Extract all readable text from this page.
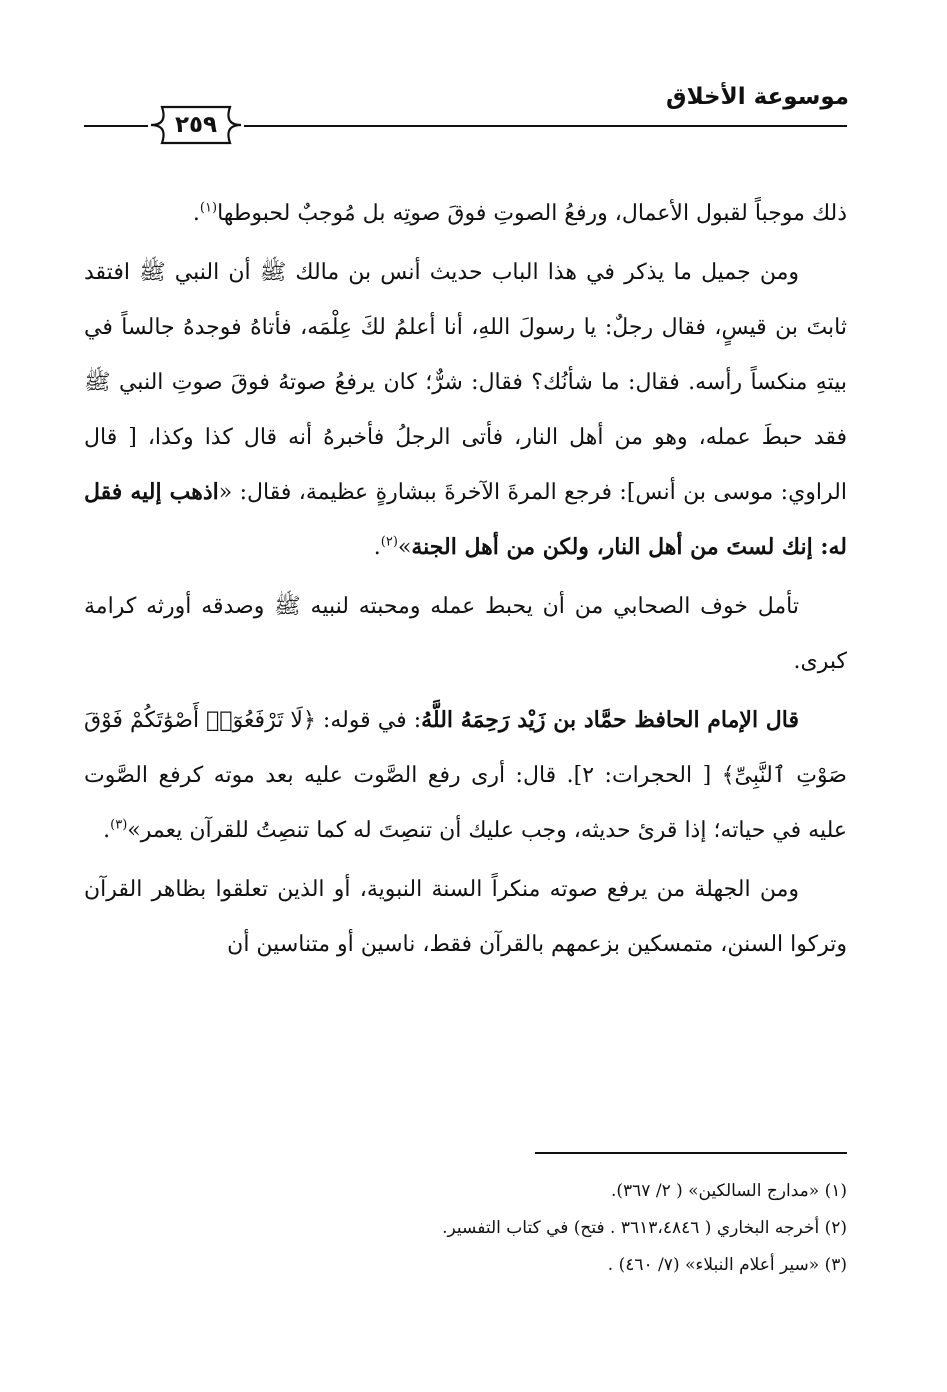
موسوعة الأخلاق
٢٥٩

ذلك موجباً لقبول الأعمال، ورفعُ الصوتِ فوقَ صوتِه بل مُوجبٌ لحبوطها$^{(١)}$.

ومن جميل ما يذكر في هذا الباب حديث أنس بن مالك ﷺ أن النبي ﷺ افتقد ثابتَ بن قيسٍ، فقال رجلٌ: يا رسولَ اللهِ، أنا أعلمُ لكَ عِلْمَه، فأتاهُ فوجدهُ جالساً في بيتهِ منكساً رأسه. فقال: ما شأنُك؟ فقال: شرٌّ؛ كان يرفعُ صوتهُ فوقَ صوتِ النبي ﷺ فقد حبطَ عمله، وهو من أهل النار، فأتى الرجلُ فأخبرهُ أنه قال كذا وكذا، [ قال الراوي: موسى بن أنس]: فرجع المرةَ الآخرةَ ببشارةٍ عظيمة، فقال: «اذهب إليه فقل له: إنك لستَ من أهل النار، ولكن من أهل الجنة»$^{(٢)}$.

تأمل خوف الصحابي من أن يحبط عمله ومحبته لنبيه ﷺ وصدقه أورثه كرامة كبرى.

قال الإمام الحافظ حمَّاد بن زَيْد رَحِمَهُ اللَّهُ: في قوله: ﴿لَا تَرْفَعُوٓا۟ أَصْوَٰتَكُمْ فَوْقَ صَوْتِ ٱلنَّبِىِّ﴾ [ الحجرات: ٢]. قال: أرى رفع الصَّوت عليه بعد موته كرفع الصَّوت عليه في حياته؛ إذا قرئ حديثه، وجب عليك أن تنصِتَ له كما تنصِتُ للقرآن يعمر»$^{(٣)}$.

ومن الجهلة من يرفع صوته منكراً السنة النبوية، أو الذين تعلقوا بظاهر القرآن وتركوا السنن، متمسكين بزعمهم بالقرآن فقط، ناسين أو متناسين أن

(١) «مدارج السالكين» ( ٢/ ٣٦٧).
(٢) أخرجه البخاري ( ٣٦١٣،٤٨٤٦ . فتح) في كتاب التفسير.
(٣) «سير أعلام النبلاء» (٧/ ٤٦٠) .
